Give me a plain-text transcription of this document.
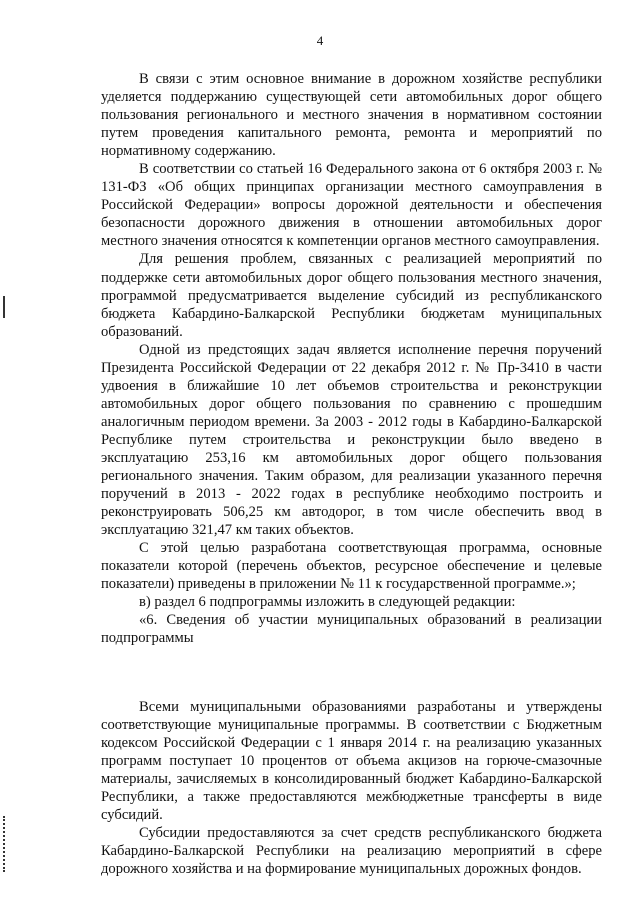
4

В связи с этим основное внимание в дорожном хозяйстве республики уделяется поддержанию существующей сети автомобильных дорог общего пользования регионального и местного значения в нормативном состоянии путем проведения капитального ремонта, ремонта и мероприятий по нормативному содержанию.

В соответствии со статьей 16 Федерального закона от 6 октября 2003 г. № 131-ФЗ «Об общих принципах организации местного самоуправления в Российской Федерации» вопросы дорожной деятельности и обеспечения безопасности дорожного движения в отношении автомобильных дорог местного значения относятся к компетенции органов местного самоуправления.

Для решения проблем, связанных с реализацией мероприятий по поддержке сети автомобильных дорог общего пользования местного значения, программой предусматривается выделение субсидий из республиканского бюджета Кабардино-Балкарской Республики бюджетам муниципальных образований.

Одной из предстоящих задач является исполнение перечня поручений Президента Российской Федерации от 22 декабря 2012 г. № Пр-3410 в части удвоения в ближайшие 10 лет объемов строительства и реконструкции автомобильных дорог общего пользования по сравнению с прошедшим аналогичным периодом времени. За 2003 - 2012 годы в Кабардино-Балкарской Республике путем строительства и реконструкции было введено в эксплуатацию 253,16 км автомобильных дорог общего пользования регионального значения. Таким образом, для реализации указанного перечня поручений в 2013 - 2022 годах в республике необходимо построить и реконструировать 506,25 км автодорог, в том числе обеспечить ввод в эксплуатацию 321,47 км таких объектов.

С этой целью разработана соответствующая программа, основные показатели которой (перечень объектов, ресурсное обеспечение и целевые показатели) приведены в приложении № 11 к государственной программе.»;

в) раздел 6 подпрограммы изложить в следующей редакции:

«6. Сведения об участии муниципальных образований в реализации подпрограммы

Всеми муниципальными образованиями разработаны и утверждены соответствующие муниципальные программы. В соответствии с Бюджетным кодексом Российской Федерации с 1 января 2014 г. на реализацию указанных программ поступает 10 процентов от объема акцизов на горюче-смазочные материалы, зачисляемых в консолидированный бюджет Кабардино-Балкарской Республики, а также предоставляются межбюджетные трансферты в виде субсидий.

Субсидии предоставляются за счет средств республиканского бюджета Кабардино-Балкарской Республики на реализацию мероприятий в сфере дорожного хозяйства и на формирование муниципальных дорожных фондов.
